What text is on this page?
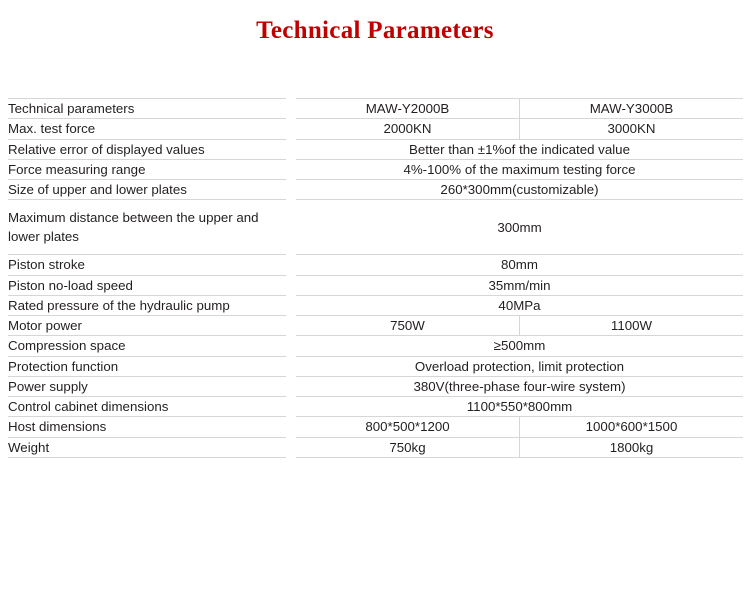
Technical Parameters
Technical parameters	MAW-Y2000B	MAW-Y3000B
Max. test force	2000KN	3000KN
Relative error of displayed values	Better than ±1%of the indicated value	
Force measuring range	4%-100% of the maximum testing force	
Size of upper and lower plates	260*300mm(customizable)	
Maximum distance between the upper and lower plates	300mm	
Piston stroke	80mm	
Piston no-load speed	35mm/min	
Rated pressure of the hydraulic pump	40MPa	
Motor power	750W	1100W
Compression space	≥500mm	
Protection function	Overload protection, limit protection	
Power supply	380V(three-phase four-wire system)	
Control cabinet dimensions	1100*550*800mm	
Host dimensions	800*500*1200	1000*600*1500
Weight	750kg	1800kg
